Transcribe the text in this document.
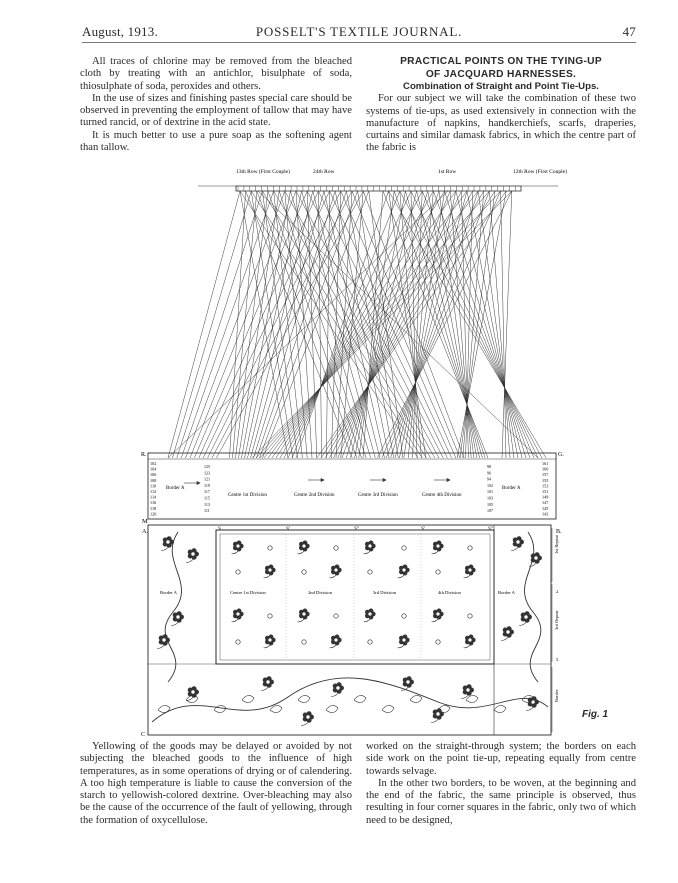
August, 1913.	POSSELT'S TEXTILE JOURNAL.	47

All traces of chlorine may be removed from the bleached cloth by treating with an antichlor, bisulphate of soda, thiosulphate of soda, peroxides and others.

In the use of sizes and finishing pastes special care should be observed in preventing the employment of tallow that may have turned rancid, or of dextrine in the acid state.

It is much better to use a pure soap as the softening agent than tallow.

PRACTICAL POINTS ON THE TYING-UP

OF JACQUARD HARNESSES.

Combination of Straight and Point Tie-Ups.

For our subject we will take the combination of these two systems of tie-ups, as used extensively in connection with the manufacture of napkins, handkerchiefs, scarfs, draperies, curtains and similar damask fabrics, in which the centre part of the fabric is

13th Row (First Couple)	24th Row	1st Row	12th Row (First Couple)
R.	G.
M
102
104
106
108
110
112
114
116
118
120
161
160
157
155
153
151
149
147
145
143
125
123
121
119
117
115
113
111
98
96
94
102
101
103
105
107
Border A
Centre 1st Division	Centre 2nd Division	Centre 3rd Division	Centre 4th Division
Border A
S	S'	S''	S'	S''
A.	B.
C
Border A	Centre 1st Division	2nd Division	3rd Division	4th Division	Border A
1st Repeat
2.
3rd Repeat
5.
Border
Fig. 1

Yellowing of the goods may be delayed or avoided by not subjecting the bleached goods to the influence of high temperatures, as in some operations of drying or of calendering. A too high temperature is liable to cause the conversion of the starch to yellowish-colored dextrine. Over-bleaching may also be the cause of the occurrence of the fault of yellowing, through the formation of oxycellulose.

worked on the straight-through system; the borders on each side work on the point tie-up, repeating equally from centre towards selvage.

In the other two borders, to be woven, at the beginning and the end of the fabric, the same principle is observed, thus resulting in four corner squares in the fabric, only two of which need to be designed,
